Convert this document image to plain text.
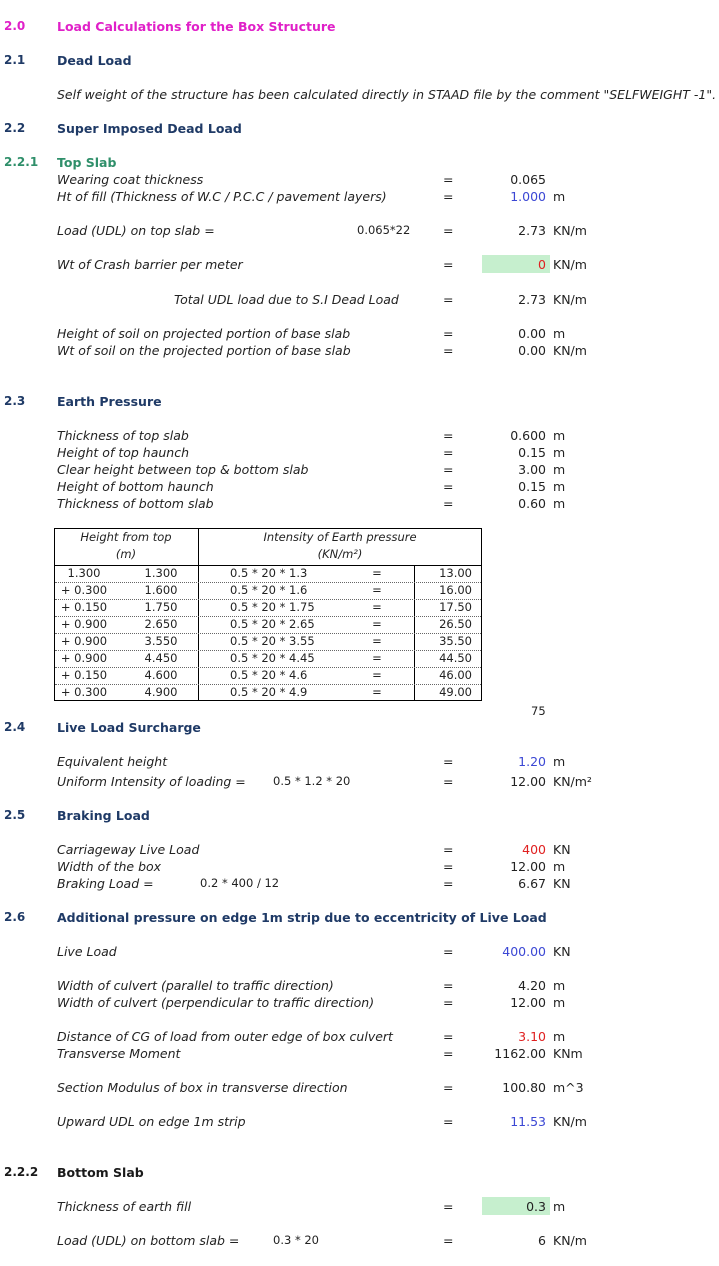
2.0	Load Calculations for the Box Structure
2.1	Dead Load
Self weight of the structure has been calculated directly in STAAD file by the comment "SELFWEIGHT -1".
2.2	Super Imposed Dead Load
2.2.1 Top Slab
Wearing coat thickness	=	0.065
Ht of fill (Thickness of W.C / P.C.C / pavement layers)	=	1.000 m
Load (UDL) on top slab =	0.065*22	=	2.73 KN/m
Wt of Crash barrier per meter	=	0 KN/m
Total UDL load due to S.I Dead Load	=	2.73 KN/m
Height of soil on projected portion of base slab	=	0.00 m
Wt of soil on the projected portion of base slab	=	0.00 KN/m
2.3	Earth Pressure
Thickness of top slab	=	0.600 m
Height of top haunch	=	0.15 m
Clear height between top & bottom slab	=	3.00 m
Height of bottom haunch	=	0.15 m
Thickness of bottom slab	=	0.60 m
Height from top
(m)
Intensity of Earth pressure
(KN/m²)
1.300	1.300	0.5 * 20 * 1.3	=	13.00
+ 0.300	1.600	0.5 * 20 * 1.6	=	16.00
+ 0.150	1.750	0.5 * 20 * 1.75	=	17.50
+ 0.900	2.650	0.5 * 20 * 2.65	=	26.50
+ 0.900	3.550	0.5 * 20 * 3.55	=	35.50
+ 0.900	4.450	0.5 * 20 * 4.45	=	44.50
+ 0.150	4.600	0.5 * 20 * 4.6	=	46.00
+ 0.300	4.900	0.5 * 20 * 4.9	=	49.00
75
2.4	Live Load Surcharge
Equivalent height	=	1.20 m
Uniform Intensity of loading = 0.5 * 1.2 * 20	=	12.00 KN/m²
2.5	Braking Load
Carriageway Live Load	=	400 KN
Width of the box	=	12.00 m
Braking Load =	0.2 * 400 / 12	=	6.67 KN
2.6	Additional pressure on edge 1m strip due to eccentricity of Live Load
Live Load	=	400.00 KN
Width of culvert (parallel to traffic direction)	=	4.20 m
Width of culvert (perpendicular to traffic direction)	=	12.00 m
Distance of CG of load from outer edge of box culvert	=	3.10 m
Transverse Moment	=	1162.00 KNm
Section Modulus of box in transverse direction	=	100.80 m^3
Upward UDL on edge 1m strip	=	11.53 KN/m
2.2.2 Bottom Slab
Thickness of earth fill	=	0.3 m
Load (UDL) on bottom slab =	0.3 * 20	=	6 KN/m
